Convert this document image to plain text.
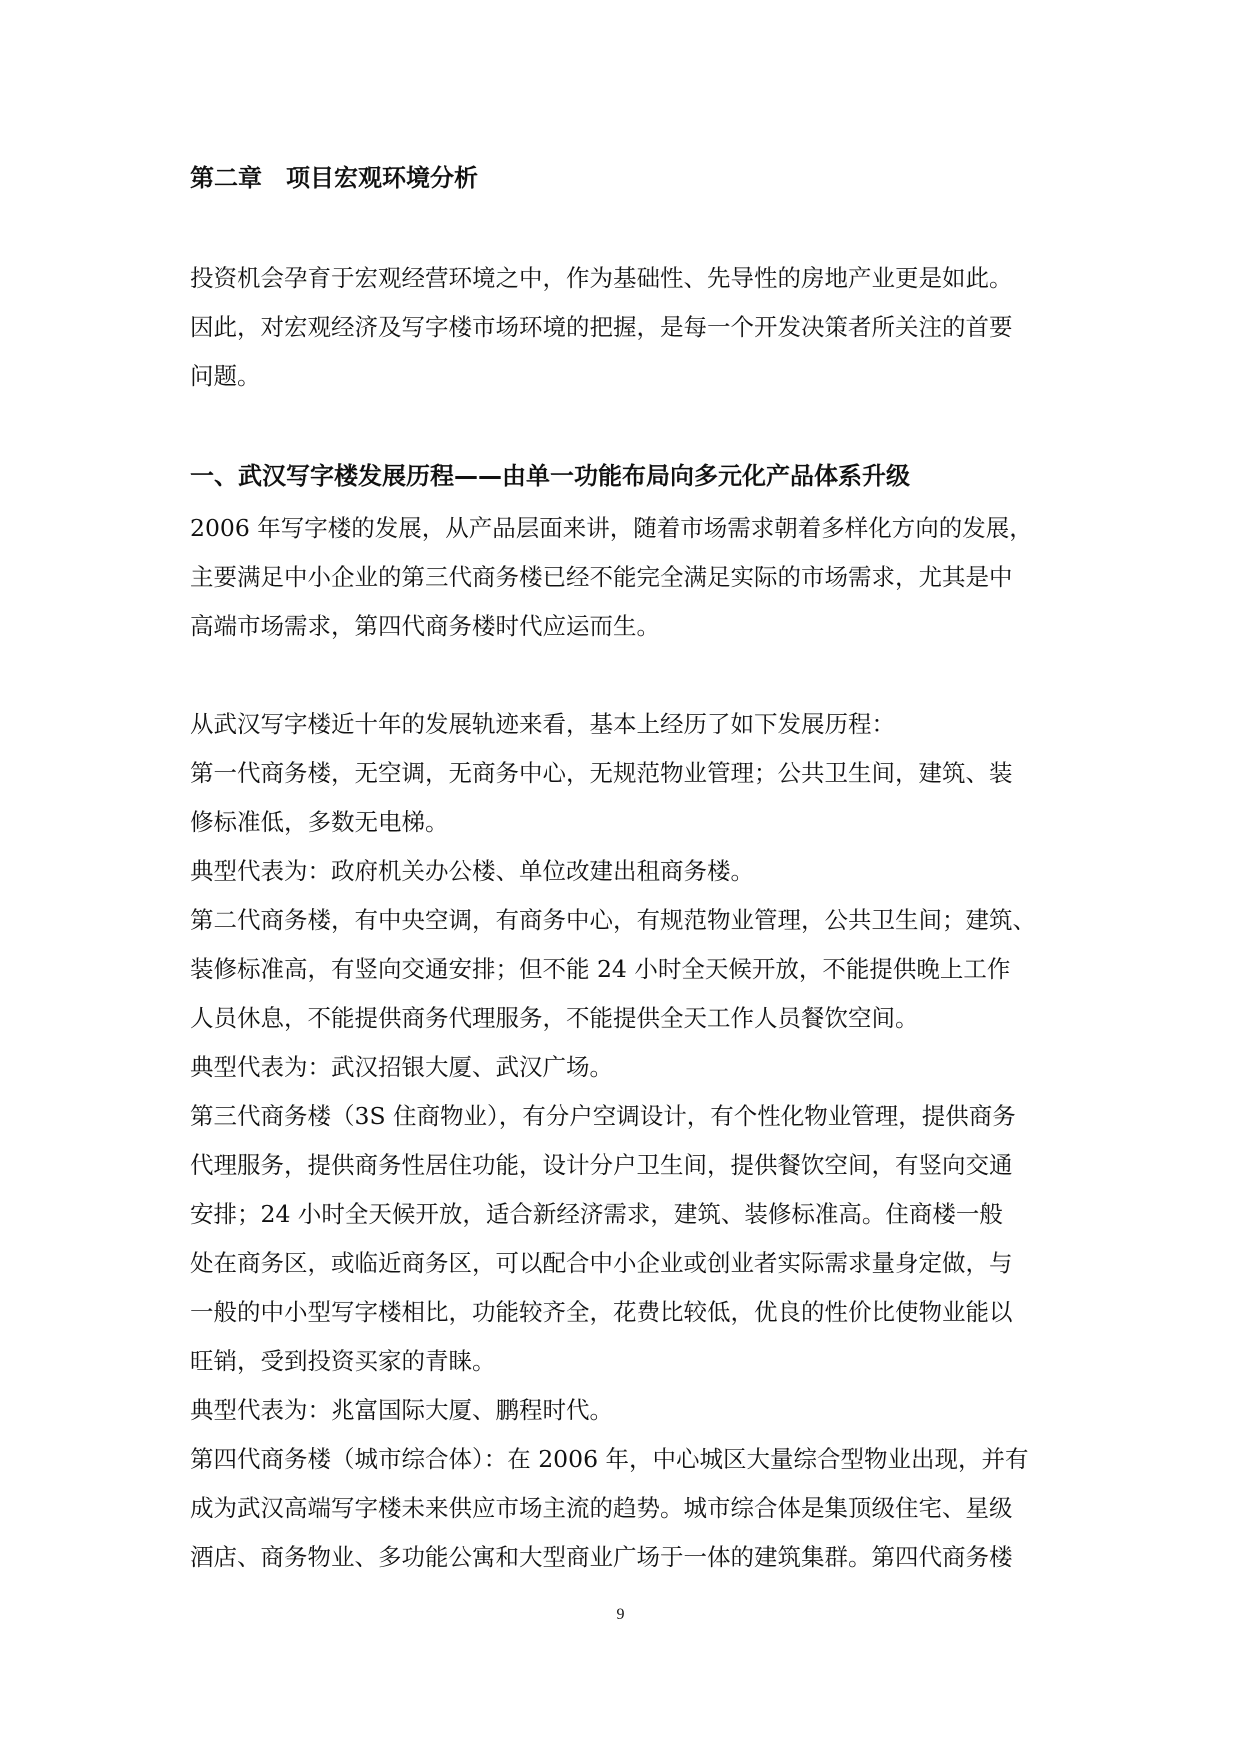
第二章　项目宏观环境分析

投资机会孕育于宏观经营环境之中，作为基础性、先导性的房地产业更是如此。

因此，对宏观经济及写字楼市场环境的把握，是每一个开发决策者所关注的首要

问题。

一、武汉写字楼发展历程——由单一功能布局向多元化产品体系升级

2006 年写字楼的发展，从产品层面来讲，随着市场需求朝着多样化方向的发展，

主要满足中小企业的第三代商务楼已经不能完全满足实际的市场需求，尤其是中

高端市场需求，第四代商务楼时代应运而生。

从武汉写字楼近十年的发展轨迹来看，基本上经历了如下发展历程：

第一代商务楼，无空调，无商务中心，无规范物业管理；公共卫生间，建筑、装

修标准低，多数无电梯。

典型代表为：政府机关办公楼、单位改建出租商务楼。

第二代商务楼，有中央空调，有商务中心，有规范物业管理，公共卫生间；建筑、

装修标准高，有竖向交通安排；但不能 24 小时全天候开放，不能提供晚上工作

人员休息，不能提供商务代理服务，不能提供全天工作人员餐饮空间。

典型代表为：武汉招银大厦、武汉广场。

第三代商务楼（3S 住商物业），有分户空调设计，有个性化物业管理，提供商务

代理服务，提供商务性居住功能，设计分户卫生间，提供餐饮空间，有竖向交通

安排；24 小时全天候开放，适合新经济需求，建筑、装修标准高。住商楼一般

处在商务区，或临近商务区，可以配合中小企业或创业者实际需求量身定做，与

一般的中小型写字楼相比，功能较齐全，花费比较低，优良的性价比使物业能以

旺销，受到投资买家的青睐。

典型代表为：兆富国际大厦、鹏程时代。

第四代商务楼（城市综合体）：在 2006 年，中心城区大量综合型物业出现，并有

成为武汉高端写字楼未来供应市场主流的趋势。城市综合体是集顶级住宅、星级

酒店、商务物业、多功能公寓和大型商业广场于一体的建筑集群。第四代商务楼

9
